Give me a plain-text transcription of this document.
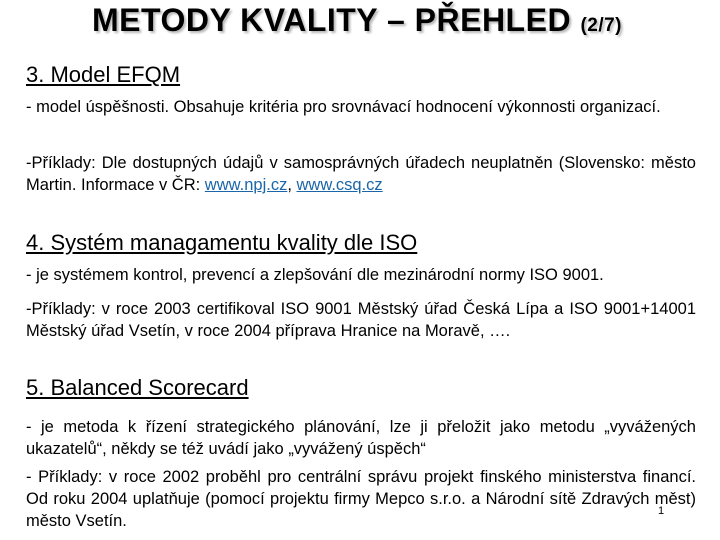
METODY KVALITY – PŘEHLED (2/7)
3. Model EFQM
- model úspěšnosti. Obsahuje kritéria pro srovnávací hodnocení výkonnosti organizací.
-Příklady: Dle dostupných údajů v samosprávných úřadech neuplatněn (Slovensko: město Martin. Informace v ČR: www.npj.cz, www.csq.cz
4. Systém managamentu kvality dle ISO
- je systémem kontrol, prevencí a zlepšování dle mezinárodní normy ISO 9001.
-Příklady: v roce 2003 certifikoval ISO 9001 Městský úřad Česká Lípa a ISO 9001+14001 Městský úřad Vsetín, v roce 2004 příprava Hranice na Moravě, ….
5. Balanced Scorecard
- je metoda k řízení strategického plánování, lze ji přeložit jako metodu „vyvážených ukazatelů“, někdy se též uvádí jako „vyvážený úspěch“
- Příklady: v roce 2002 proběhl pro centrální správu projekt finského ministerstva financí. Od roku 2004 uplatňuje (pomocí projektu firmy Mepco s.r.o. a Národní sítě Zdravých měst) město Vsetín.
1
